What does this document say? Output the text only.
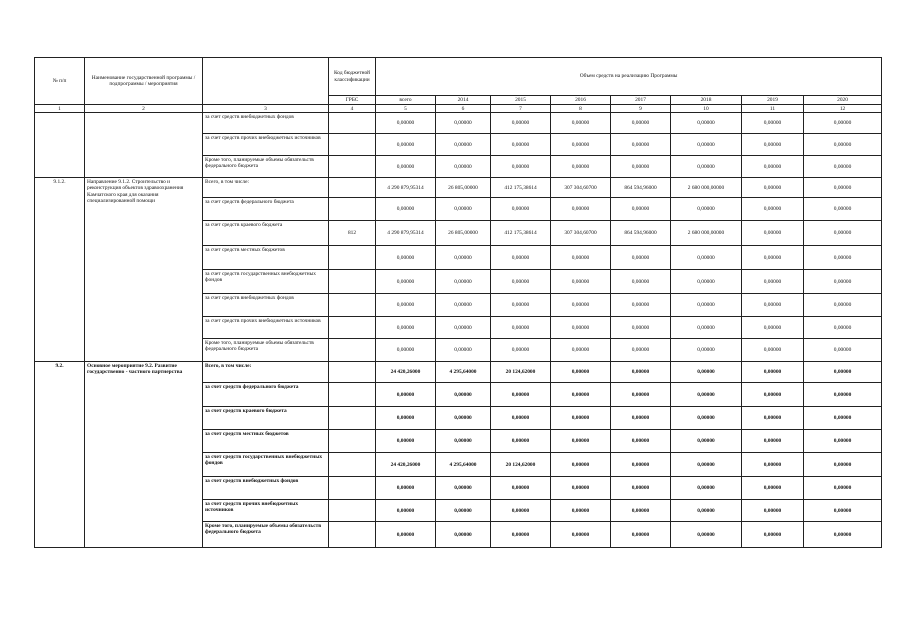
№ п/п	Наименование государственной программы / подпрограммы / мероприятия		Код бюджетной классификации	Объем средств на реализацию Программы							
			ГРБС	всего	2014	2015	2016	2017	2018	2019	2020
1	2	3	4	5	6	7	8	9	10	11	12
		за счет средств внебюджетных фондов		0,00000	0,00000	0,00000	0,00000	0,00000	0,00000	0,00000	0,00000
		за счет средств прочих внебюджетных источников		0,00000	0,00000	0,00000	0,00000	0,00000	0,00000	0,00000	0,00000
		Кроме того, планируемые объемы обязательств федерального бюджета		0,00000	0,00000	0,00000	0,00000	0,00000	0,00000	0,00000	0,00000
9.1.2.	Направление 9.1.2. Строительство и реконструкция объектов здравоохранения Камчатского края для оказания специализированной помощи	Всего, в том числе:		4 290 879,95314	26 805,00000	412 175,38614	307 304,60700	864 594,96000	2 680 000,00000	0,00000	0,00000
		за счет средств федерального бюджета		0,00000	0,00000	0,00000	0,00000	0,00000	0,00000	0,00000	0,00000
		за счет средств краевого бюджета	812	4 290 879,95314	26 805,00000	412 175,38614	307 304,60700	864 594,96000	2 680 000,00000	0,00000	0,00000
		за счет средств местных бюджетов		0,00000	0,00000	0,00000	0,00000	0,00000	0,00000	0,00000	0,00000
		за счет средств государственных внебюджетных фондов		0,00000	0,00000	0,00000	0,00000	0,00000	0,00000	0,00000	0,00000
		за счет средств внебюджетных фондов		0,00000	0,00000	0,00000	0,00000	0,00000	0,00000	0,00000	0,00000
		за счет средств прочих внебюджетных источников		0,00000	0,00000	0,00000	0,00000	0,00000	0,00000	0,00000	0,00000
		Кроме того, планируемые объемы обязательств федерального бюджета		0,00000	0,00000	0,00000	0,00000	0,00000	0,00000	0,00000	0,00000
9.2.	Основное мероприятие 9.2. Развитие государственно - частного партнерства	Всего, в том числе:		24 420,26000	4 295,64000	20 124,62000	0,00000	0,00000	0,00000	0,00000	0,00000
		за счет средств федерального бюджета		0,00000	0,00000	0,00000	0,00000	0,00000	0,00000	0,00000	0,00000
		за счет средств краевого бюджета		0,00000	0,00000	0,00000	0,00000	0,00000	0,00000	0,00000	0,00000
		за счет средств местных бюджетов		0,00000	0,00000	0,00000	0,00000	0,00000	0,00000	0,00000	0,00000
		за счет средств государственных внебюджетных фондов		24 420,26000	4 295,64000	20 124,62000	0,00000	0,00000	0,00000	0,00000	0,00000
		за счет средств внебюджетных фондов		0,00000	0,00000	0,00000	0,00000	0,00000	0,00000	0,00000	0,00000
		за счет средств прочих внебюджетных источников		0,00000	0,00000	0,00000	0,00000	0,00000	0,00000	0,00000	0,00000
		Кроме того, планируемые объемы обязательств федерального бюджета		0,00000	0,00000	0,00000	0,00000	0,00000	0,00000	0,00000	0,00000
